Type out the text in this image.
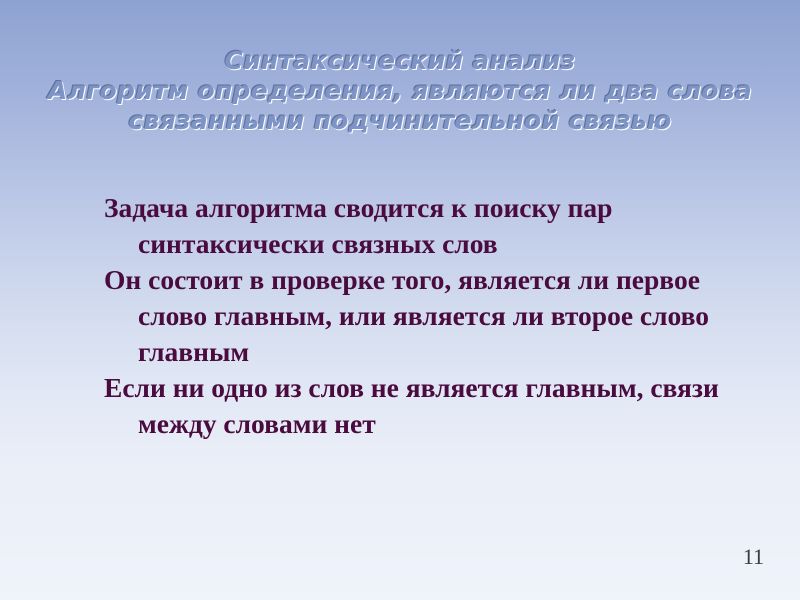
Синтаксический анализ
Алгоритм определения, являются ли два слова
связанными подчинительной связью

Задача алгоритма сводится к поиску пар синтаксически связных слов

Он состоит в проверке того, является ли первое слово главным, или является ли второе слово главным

Если ни одно из слов не является главным, связи между словами нет

11
